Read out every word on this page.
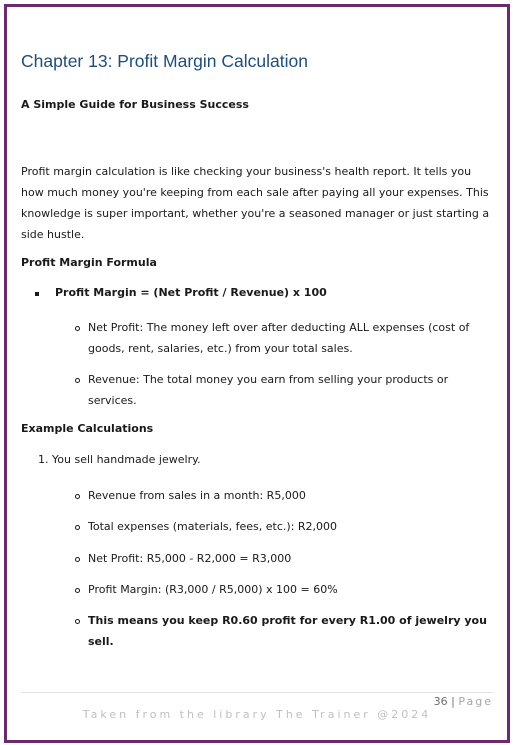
Chapter 13: Profit Margin Calculation

A Simple Guide for Business Success

Profit margin calculation is like checking your business's health report. It tells you how much money you're keeping from each sale after paying all your expenses. This knowledge is super important, whether you're a seasoned manager or just starting a side hustle.

Profit Margin Formula

Profit Margin = (Net Profit / Revenue) x 100
Net Profit: The money left over after deducting ALL expenses (cost of goods, rent, salaries, etc.) from your total sales.
Revenue: The total money you earn from selling your products or services.

Example Calculations

1. You sell handmade jewelry.
Revenue from sales in a month: R5,000
Total expenses (materials, fees, etc.): R2,000
Net Profit: R5,000 - R2,000 = R3,000
Profit Margin: (R3,000 / R5,000) x 100 = 60%
This means you keep R0.60 profit for every R1.00 of jewelry you sell.
36 | Page
Taken from the library The Trainer @2024
